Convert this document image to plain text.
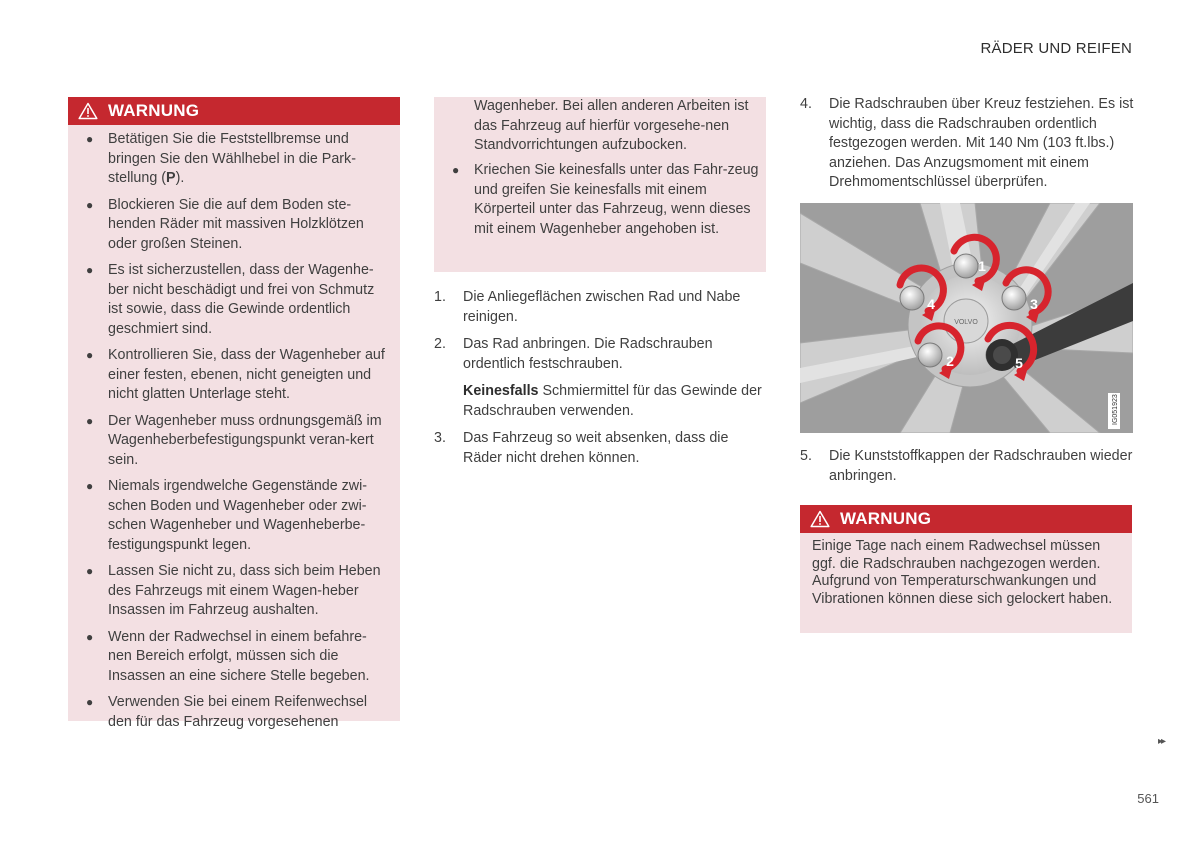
RÄDER UND REIFEN
WARNUNG
● Betätigen Sie die Feststellbremse und bringen Sie den Wählhebel in die Park-stellung (P).
● Blockieren Sie die auf dem Boden ste-henden Räder mit massiven Holzklötzen oder großen Steinen.
● Es ist sicherzustellen, dass der Wagenhe-ber nicht beschädigt und frei von Schmutz ist sowie, dass die Gewinde ordentlich geschmiert sind.
● Kontrollieren Sie, dass der Wagenheber auf einer festen, ebenen, nicht geneigten und nicht glatten Unterlage steht.
● Der Wagenheber muss ordnungsgemäß im Wagenheberbefestigungspunkt veran-kert sein.
● Niemals irgendwelche Gegenstände zwi-schen Boden und Wagenheber oder zwi-schen Wagenheber und Wagenheberbe-festigungspunkt legen.
● Lassen Sie nicht zu, dass sich beim Heben des Fahrzeugs mit einem Wagen-heber Insassen im Fahrzeug aushalten.
● Wenn der Radwechsel in einem befahre-nen Bereich erfolgt, müssen sich die Insassen an eine sichere Stelle begeben.
● Verwenden Sie bei einem Reifenwechsel den für das Fahrzeug vorgesehenen
Wagenheber. Bei allen anderen Arbeiten ist das Fahrzeug auf hierfür vorgesehe-nen Standvorrichtungen aufzubocken.
● Kriechen Sie keinesfalls unter das Fahr-zeug und greifen Sie keinesfalls mit einem Körperteil unter das Fahrzeug, wenn dieses mit einem Wagenheber angehoben ist.
1. Die Anliegeflächen zwischen Rad und Nabe reinigen.
2. Das Rad anbringen. Die Radschrauben ordentlich festschrauben.
Keinesfalls Schmiermittel für das Gewinde der Radschrauben verwenden.
3. Das Fahrzeug so weit absenken, dass die Räder nicht drehen können.
4. Die Radschrauben über Kreuz festziehen. Es ist wichtig, dass die Radschrauben ordentlich festgezogen werden. Mit 140 Nm (103 ft.lbs.) anziehen. Das Anzugsmoment mit einem Drehmomentschlüssel überprüfen.
VOLVO
1
2
3
4
5
IG051923
5. Die Kunststoffkappen der Radschrauben wieder anbringen.
WARNUNG
Einige Tage nach einem Radwechsel müssen ggf. die Radschrauben nachgezogen werden. Aufgrund von Temperaturschwankungen und Vibrationen können diese sich gelockert haben.
▸▸
561
